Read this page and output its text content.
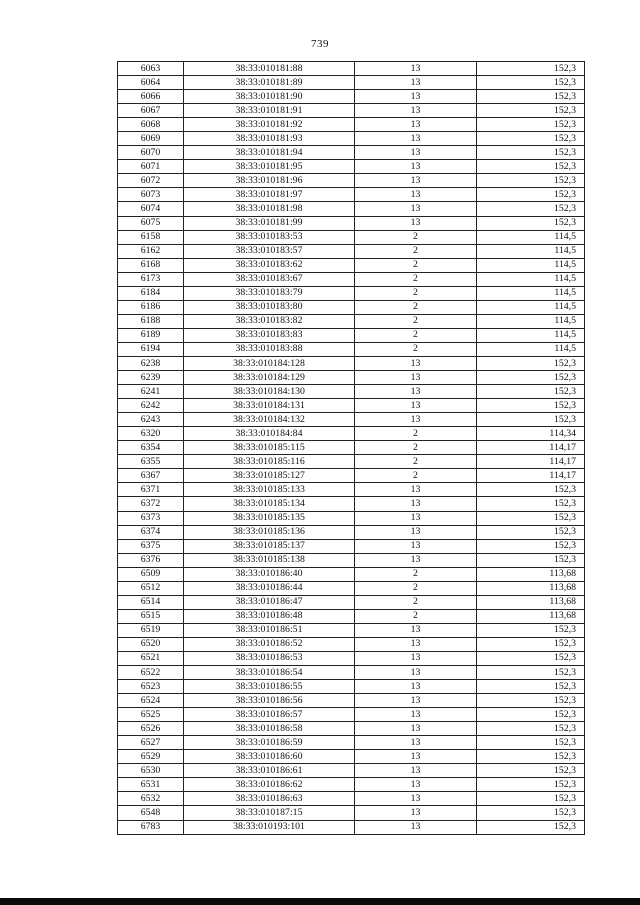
739
6063	38:33:010181:88	13	152,3
6064	38:33:010181:89	13	152,3
6066	38:33:010181:90	13	152,3
6067	38:33:010181:91	13	152,3
6068	38:33:010181:92	13	152,3
6069	38:33:010181:93	13	152,3
6070	38:33:010181:94	13	152,3
6071	38:33:010181:95	13	152,3
6072	38:33:010181:96	13	152,3
6073	38:33:010181:97	13	152,3
6074	38:33:010181:98	13	152,3
6075	38:33:010181:99	13	152,3
6158	38:33:010183:53	2	114,5
6162	38:33:010183:57	2	114,5
6168	38:33:010183:62	2	114,5
6173	38:33:010183:67	2	114,5
6184	38:33:010183:79	2	114,5
6186	38:33:010183:80	2	114,5
6188	38:33:010183:82	2	114,5
6189	38:33:010183:83	2	114,5
6194	38:33:010183:88	2	114,5
6238	38:33:010184:128	13	152,3
6239	38:33:010184:129	13	152,3
6241	38:33:010184:130	13	152,3
6242	38:33:010184:131	13	152,3
6243	38:33:010184:132	13	152,3
6320	38:33:010184:84	2	114,34
6354	38:33:010185:115	2	114,17
6355	38:33:010185:116	2	114,17
6367	38:33:010185:127	2	114,17
6371	38:33:010185:133	13	152,3
6372	38:33:010185:134	13	152,3
6373	38:33:010185:135	13	152,3
6374	38:33:010185:136	13	152,3
6375	38:33:010185:137	13	152,3
6376	38:33:010185:138	13	152,3
6509	38:33:010186:40	2	113,68
6512	38:33:010186:44	2	113,68
6514	38:33:010186:47	2	113,68
6515	38:33:010186:48	2	113,68
6519	38:33:010186:51	13	152,3
6520	38:33:010186:52	13	152,3
6521	38:33:010186:53	13	152,3
6522	38:33:010186:54	13	152,3
6523	38:33:010186:55	13	152,3
6524	38:33:010186:56	13	152,3
6525	38:33:010186:57	13	152,3
6526	38:33:010186:58	13	152,3
6527	38:33:010186:59	13	152,3
6529	38:33:010186:60	13	152,3
6530	38:33:010186:61	13	152,3
6531	38:33:010186:62	13	152,3
6532	38:33:010186:63	13	152,3
6548	38:33:010187:15	13	152,3
6783	38:33:010193:101	13	152,3
